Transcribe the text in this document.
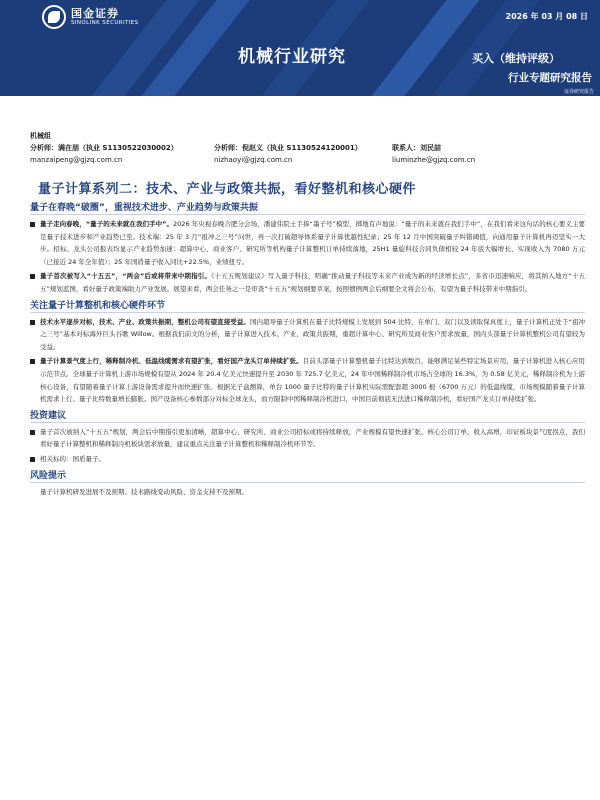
国金证券
SINOLINK SECURITIES
2026 年 03 月 08 日
机械行业研究	买入（维持评级）
行业专题研究报告
证券研究报告
机械组
分析师：满在朋（执业 S1130522030002）	分析师：倪赵义（执业 S1130524120001）	联系人：刘民喆
manzaipeng@gjzq.com.cn	nizhaoyi@gjzq.com.cn	liuminzhe@gjzq.com.cn
量子计算系列二：技术、产业与政策共振，看好整机和核心硬件
量子在春晚“破圈”，重视技术进步、产业趋势与政策共振
量子走向春晚，“量子的未来就在我们手中”。2026 年央视春晚合肥分会场，潘建伟院士手捧“墨子号”模型，掷地有声地说：“量子的未来就在我们手中”，在我们看来这句话的核心要义主要是量子技术进步和产业趋势已至。技术端：25 年 3 月“祖冲之三号”问世，再一次打破超导体系量子计算优越性纪录；25 年 12 月中国突破量子纠错阈值，向通用量子计算机再迈坚实一大步。招标、龙头公司报表均显示产业趋势加速：超算中心、商业客户、研究所等机构量子计算整机订单持续落地，25H1 量旋科技合同负债相较 24 年底大幅增长、实现收入为 7080 万元（已接近 24 年全年值）；25 年国盾量子收入同比+22.5%，业绩扭亏。
量子首次被写入“十五五”，“两会”后或将带来中期指引。《十五五规划建议》写入量子科技，明确“推动量子科技等未来产业成为新的经济增长点”，多省市迅速响应，将其纳入地方“十五五”规划蓝图，看好量子政策端助力产业发展。展望来看，两会任务之一是审查“十五五”规划纲要草案，按照惯例两会后纲要全文将会公布，有望为量子科技带来中期指引。
关注量子计算整机和核心硬件环节
技术水平逐步对标，技术、产业、政策共振期，整机公司有望直接受益。国内超导量子计算机在量子比特规模上发展到 504 比特，在单门、双门以及读取保真度上，量子计算机正处于“祖冲之三号”基本对标海外巨头谷歌 Willow。根据我们前文的分析，量子计算进入技术、产业、政策共振期，重超计算中心、研究所及商业客户需求放量，国内头部量子计算机整机公司有望较为受益。
量子计算景气度上行，稀释制冷机、低温线缆需求有望扩张，看好国产龙头订单持续扩张。目前头部量子计算整机量子比特达到数百，能够满足某些特定场景应用，量子计算机进入核心应用示范节点。全球量子计算机上游市场规模有望从 2024 年 20.4 亿美元快速提升至 2030 年 725.7 亿美元，24 年中国稀释制冷机市场占全球的 16.3%，为 0.58 亿美元，稀释制冷机为上游核心设备，有望随着量子计算上游设备需求提升而快速扩张。根据光子盒测算，单台 1000 量子比特的量子计算机实际需配套超 3000 根（6700 万元）的低温线缆，市场规模随着量子计算机需求上行、量子比特数量增长膨胀。国产设备核心参数部分对标全球龙头，而方限制中国稀释制冷机进口，中国目前彻底无法进口稀释制冷机，看好国产龙头订单持续扩张。
投资建议
量子首次被纳入“十五五”规划，两会后中期指引更加清晰，超算中心、研究所、商业公司招标或将持续释放，产业规模有望快速扩张。核心公司订单、收入高增，印证板块景气度拐点，我们看好量子计算整机和稀释制冷机板块需求放量，建议重点关注量子计算整机和稀释制冷机环节等。
相关标的：国盾量子。
风险提示
量子计算机研发进展不及预期、技术路线变动风险、资金支持不及预期。
